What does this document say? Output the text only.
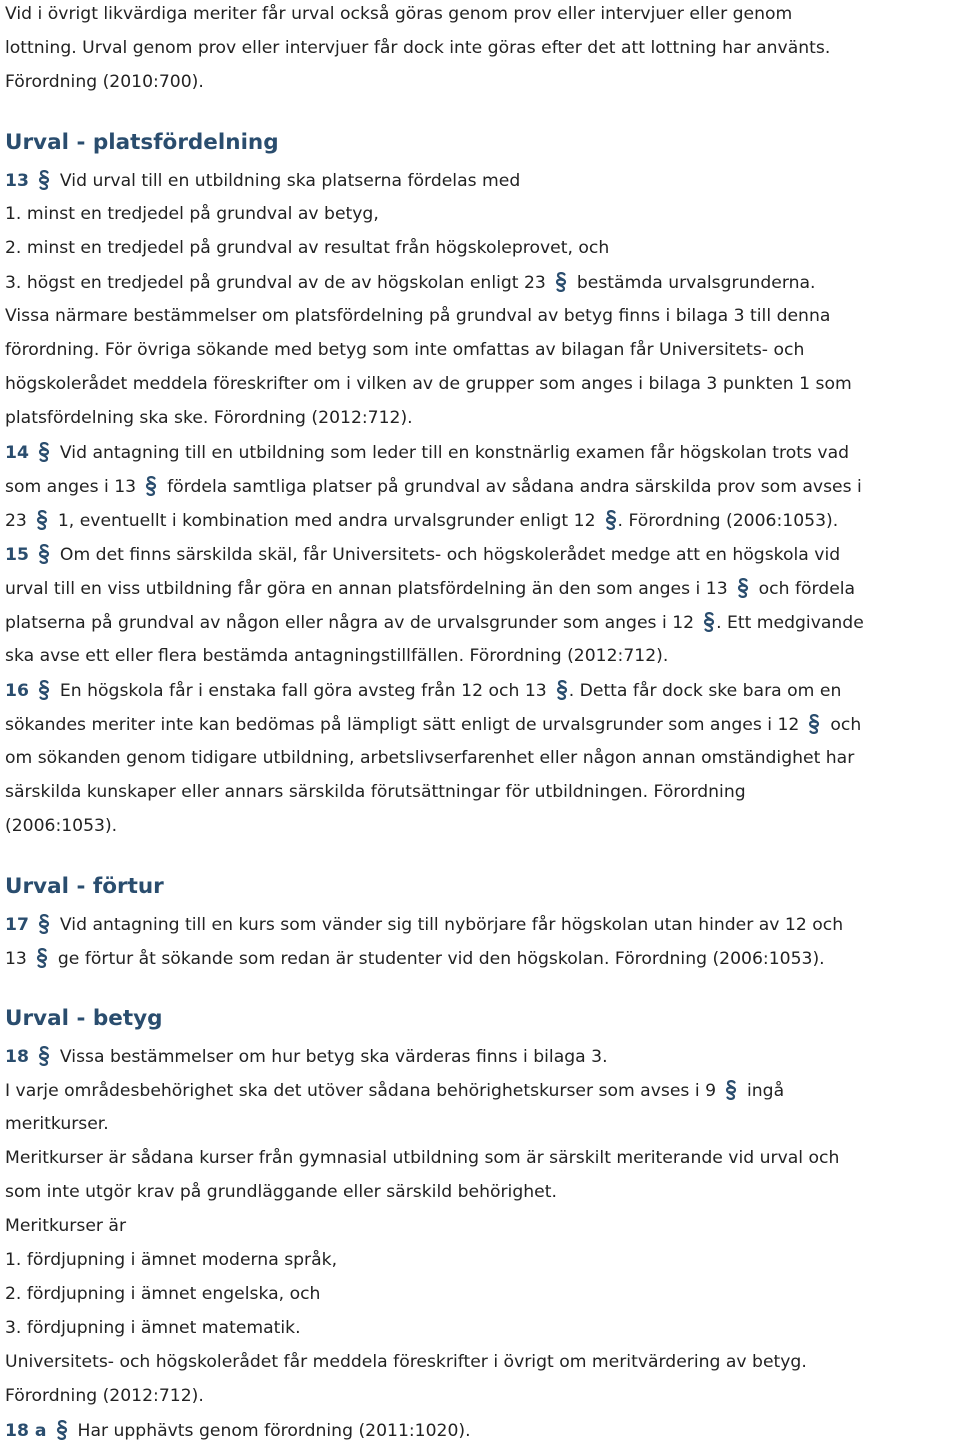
Vid i övrigt likvärdiga meriter får urval också göras genom prov eller intervjuer eller genom
lottning. Urval genom prov eller intervjuer får dock inte göras efter det att lottning har använts.
Förordning (2010:700).
Urval - platsfördelning
13 Vid urval till en utbildning ska platserna fördelas med
1. minst en tredjedel på grundval av betyg,
2. minst en tredjedel på grundval av resultat från högskoleprovet, och
3. högst en tredjedel på grundval av de av högskolan enligt 23 bestämda urvalsgrunderna.
Vissa närmare bestämmelser om platsfördelning på grundval av betyg finns i bilaga 3 till denna
förordning. För övriga sökande med betyg som inte omfattas av bilagan får Universitets- och
högskolerådet meddela föreskrifter om i vilken av de grupper som anges i bilaga 3 punkten 1 som
platsfördelning ska ske. Förordning (2012:712).
14 Vid antagning till en utbildning som leder till en konstnärlig examen får högskolan trots vad
som anges i 13 fördela samtliga platser på grundval av sådana andra särskilda prov som avses i
23 1, eventuellt i kombination med andra urvalsgrunder enligt 12 . Förordning (2006:1053).
15 Om det finns särskilda skäl, får Universitets- och högskolerådet medge att en högskola vid
urval till en viss utbildning får göra en annan platsfördelning än den som anges i 13 och fördela
platserna på grundval av någon eller några av de urvalsgrunder som anges i 12 . Ett medgivande
ska avse ett eller flera bestämda antagningstillfällen. Förordning (2012:712).
16 En högskola får i enstaka fall göra avsteg från 12 och 13 . Detta får dock ske bara om en
sökandes meriter inte kan bedömas på lämpligt sätt enligt de urvalsgrunder som anges i 12 och
om sökanden genom tidigare utbildning, arbetslivserfarenhet eller någon annan omständighet har
särskilda kunskaper eller annars särskilda förutsättningar för utbildningen. Förordning
(2006:1053).
Urval - förtur
17 Vid antagning till en kurs som vänder sig till nybörjare får högskolan utan hinder av 12 och
13 ge förtur åt sökande som redan är studenter vid den högskolan. Förordning (2006:1053).
Urval - betyg
18 Vissa bestämmelser om hur betyg ska värderas finns i bilaga 3.
I varje områdesbehörighet ska det utöver sådana behörighetskurser som avses i 9 ingå
meritkurser.
Meritkurser är sådana kurser från gymnasial utbildning som är särskilt meriterande vid urval och
som inte utgör krav på grundläggande eller särskild behörighet.
Meritkurser är
1. fördjupning i ämnet moderna språk,
2. fördjupning i ämnet engelska, och
3. fördjupning i ämnet matematik.
Universitets- och högskolerådet får meddela föreskrifter i övrigt om meritvärdering av betyg.
Förordning (2012:712).
18 a Har upphävts genom förordning (2011:1020).
